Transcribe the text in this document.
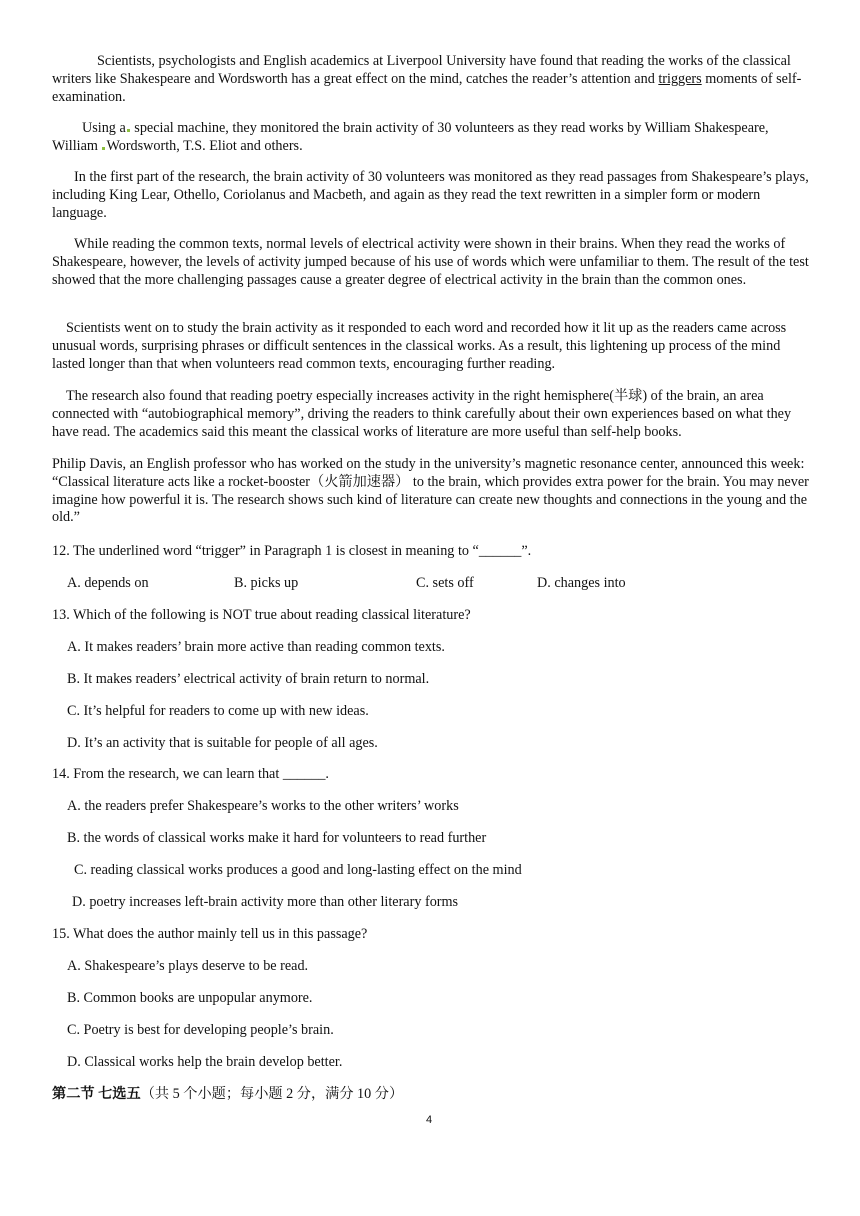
Scientists, psychologists and English academics at Liverpool University have found that reading the works of the classical writers like Shakespeare and Wordsworth has a great effect on the mind, catches the reader’s attention and triggers moments of self-examination.

Using a special machine, they monitored the brain activity of 30 volunteers as they read works by William Shakespeare, William Wordsworth, T.S. Eliot and others.

In the first part of the research, the brain activity of 30 volunteers was monitored as they read passages from Shakespeare’s plays, including King Lear, Othello, Coriolanus and Macbeth, and again as they read the text rewritten in a simpler form or modern language.

While reading the common texts, normal levels of electrical activity were shown in their brains. When they read the works of Shakespeare, however, the levels of activity jumped because of his use of words which were unfamiliar to them. The result of the test showed that the more challenging passages cause a greater degree of electrical activity in the brain than the common ones.

Scientists went on to study the brain activity as it responded to each word and recorded how it lit up as the readers came across unusual words, surprising phrases or difficult sentences in the classical works. As a result, this lightening up process of the mind lasted longer than that when volunteers read common texts, encouraging further reading.

The research also found that reading poetry especially increases activity in the right hemisphere(半球) of the brain, an area connected with “autobiographical memory”, driving the readers to think carefully about their own experiences based on what they have read. The academics said this meant the classical works of literature are more useful than self-help books.

Philip Davis, an English professor who has worked on the study in the university’s magnetic resonance center, announced this week: “Classical literature acts like a rocket-booster（火箭加速器） to the brain, which provides extra power for the brain. You may never imagine how powerful it is. The research shows such kind of literature can create new thoughts and connections in the young and the old.”

12. The underlined word “trigger” in Paragraph 1 is closest in meaning to “______”.

A. depends on	B. picks up	C. sets off	D. changes into

13. Which of the following is NOT true about reading classical literature?

A. It makes readers’ brain more active than reading common texts.
B. It makes readers’ electrical activity of brain return to normal.
C. It’s helpful for readers to come up with new ideas.
D. It’s an activity that is suitable for people of all ages.

14. From the research, we can learn that ______.

A. the readers prefer Shakespeare’s works to the other writers’ works
B. the words of classical works make it hard for volunteers to read further
C. reading classical works produces a good and long-lasting effect on the mind
D. poetry increases left-brain activity more than other literary forms

15. What does the author mainly tell us in this passage?

A. Shakespeare’s plays deserve to be read.
B. Common books are unpopular anymore.
C. Poetry is best for developing people’s brain.
D. Classical works help the brain develop better.
第二节 七选五（共 5 个小题；每小题 2 分，满分 10 分）
4
